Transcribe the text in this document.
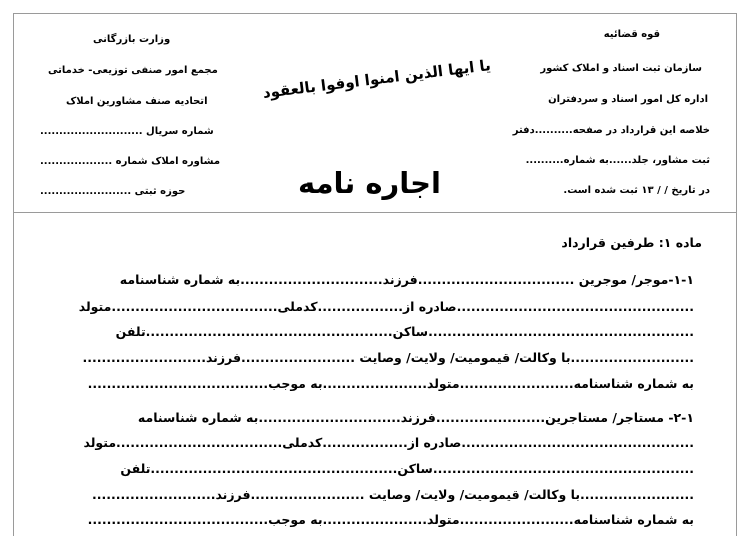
قوه قضائیه
سازمان ثبت اسناد و املاک کشور
اداره کل امور اسناد و سردفتران
خلاصه این قرارداد در صفحه..........دفتر
ثبت مشاور، جلد......به شماره..........
در تاریخ / / ۱۳ ثبت شده است.
وزارت بازرگانی
مجمع امور صنفی توزیعی- خدماتی
اتحادیه صنف مشاورین املاک
شماره سریال ...........................
مشاوره املاک شماره ...................
حوزه ثبتی ........................
یا ایها الذین امنوا اوفوا بالعقود
اجاره نامه
ماده ۱: طرفین قرارداد
۱-۱-موجر/ موجرین .................................فرزند..............................به شماره شناسنامه
..................................................صادره از..................کدملی...................................متولد
........................................................ساکن....................................................تلفن
..........................با وکالت/ قیمومیت/ ولایت/ وصایت ........................فرزند..........................
به شماره شناسنامه........................متولد......................به موجب......................................
۲-۱- مستاجر/ مستاجرین.......................فرزند..............................به شماره شناسنامه
.................................................صادره از..................کدملی...................................متولد
.......................................................ساکن....................................................تلفن
........................با وکالت/ قیمومیت/ ولایت/ وصایت ........................فرزند..........................
به شماره شناسنامه........................متولد......................به موجب......................................
